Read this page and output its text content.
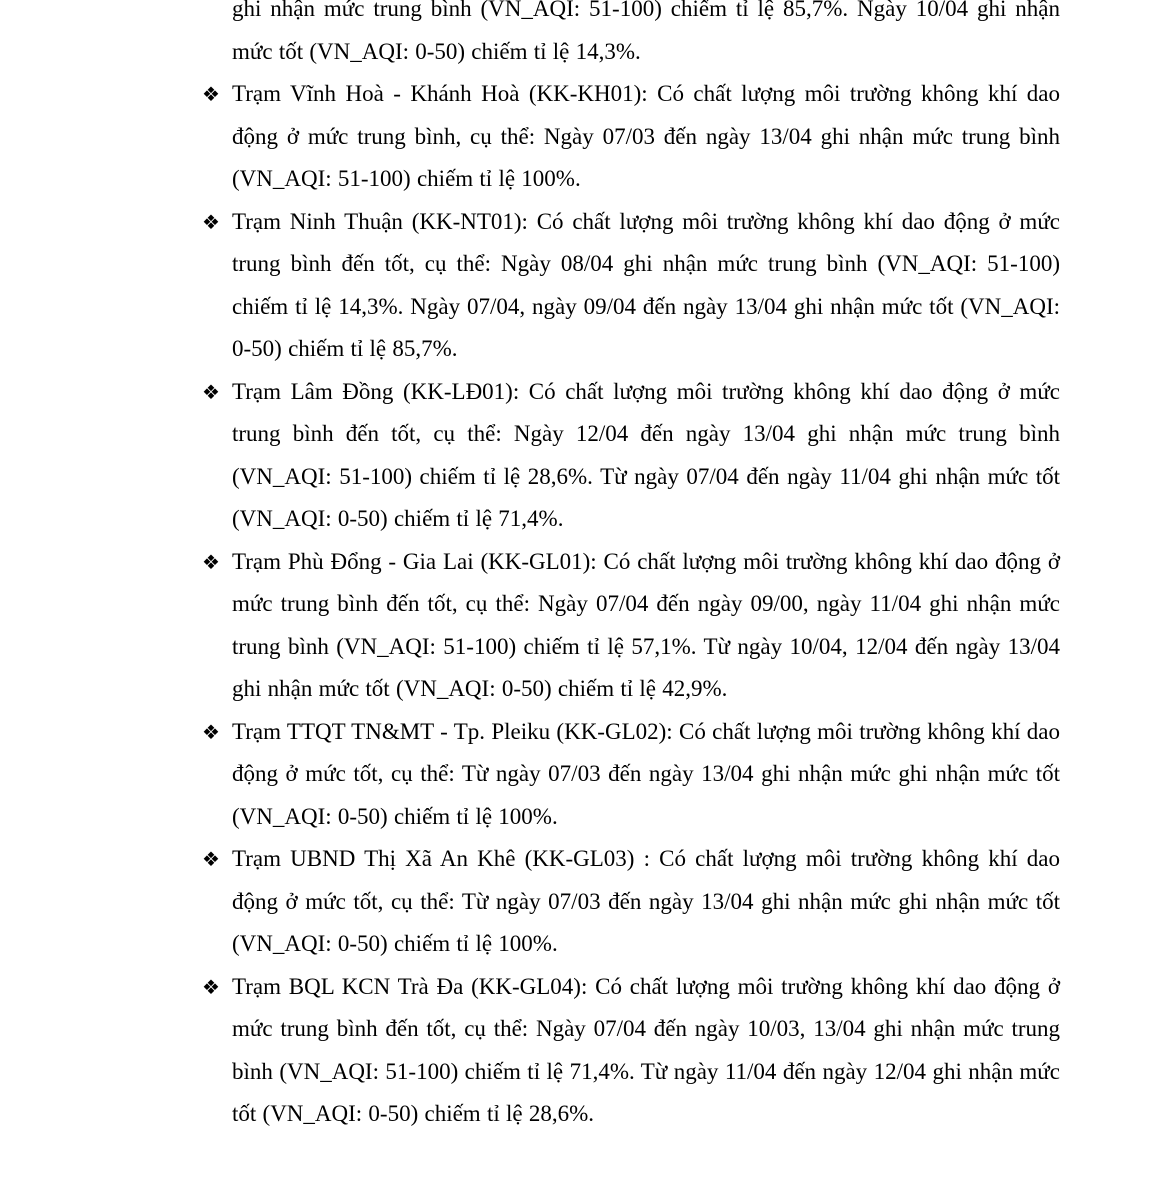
ghi nhận mức trung bình (VN_AQI: 51-100) chiếm tỉ lệ 85,7%. Ngày 10/04 ghi nhận mức tốt (VN_AQI: 0-50) chiếm tỉ lệ 14,3%.

❖ Trạm Vĩnh Hoà - Khánh Hoà (KK-KH01): Có chất lượng môi trường không khí dao động ở mức trung bình, cụ thể: Ngày 07/03 đến ngày 13/04 ghi nhận mức trung bình (VN_AQI: 51-100) chiếm tỉ lệ 100%.

❖ Trạm Ninh Thuận (KK-NT01): Có chất lượng môi trường không khí dao động ở mức trung bình đến tốt, cụ thể: Ngày 08/04 ghi nhận mức trung bình (VN_AQI: 51-100) chiếm tỉ lệ 14,3%. Ngày 07/04, ngày 09/04 đến ngày 13/04 ghi nhận mức tốt (VN_AQI: 0-50) chiếm tỉ lệ 85,7%.

❖ Trạm Lâm Đồng (KK-LĐ01): Có chất lượng môi trường không khí dao động ở mức trung bình đến tốt, cụ thể: Ngày 12/04 đến ngày 13/04 ghi nhận mức trung bình (VN_AQI: 51-100) chiếm tỉ lệ 28,6%. Từ ngày 07/04 đến ngày 11/04 ghi nhận mức tốt (VN_AQI: 0-50) chiếm tỉ lệ 71,4%.

❖ Trạm Phù Đổng - Gia Lai (KK-GL01): Có chất lượng môi trường không khí dao động ở mức trung bình đến tốt, cụ thể: Ngày 07/04 đến ngày 09/00, ngày 11/04 ghi nhận mức trung bình (VN_AQI: 51-100) chiếm tỉ lệ 57,1%. Từ ngày 10/04, 12/04 đến ngày 13/04 ghi nhận mức tốt (VN_AQI: 0-50) chiếm tỉ lệ 42,9%.

❖ Trạm TTQT TN&MT - Tp. Pleiku (KK-GL02): Có chất lượng môi trường không khí dao động ở mức tốt, cụ thể: Từ ngày 07/03 đến ngày 13/04 ghi nhận mức ghi nhận mức tốt (VN_AQI: 0-50) chiếm tỉ lệ 100%.

❖ Trạm UBND Thị Xã An Khê (KK-GL03) : Có chất lượng môi trường không khí dao động ở mức tốt, cụ thể: Từ ngày 07/03 đến ngày 13/04 ghi nhận mức ghi nhận mức tốt (VN_AQI: 0-50) chiếm tỉ lệ 100%.

❖ Trạm BQL KCN Trà Đa (KK-GL04): Có chất lượng môi trường không khí dao động ở mức trung bình đến tốt, cụ thể: Ngày 07/04 đến ngày 10/03, 13/04 ghi nhận mức trung bình (VN_AQI: 51-100) chiếm tỉ lệ 71,4%. Từ ngày 11/04 đến ngày 12/04 ghi nhận mức tốt (VN_AQI: 0-50) chiếm tỉ lệ 28,6%.
